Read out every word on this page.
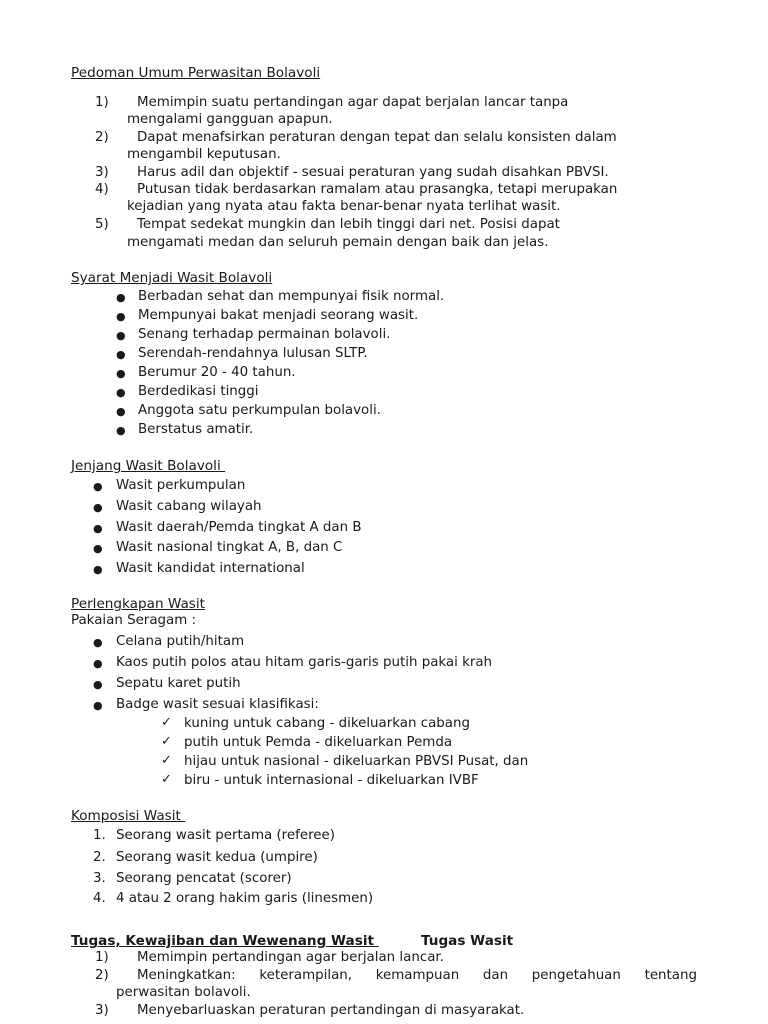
Pedoman Umum Perwasitan Bolavoli
1) Memimpin suatu pertandingan agar dapat berjalan lancar tanpa
mengalami gangguan apapun.
2) Dapat menafsirkan peraturan dengan tepat dan selalu konsisten dalam
mengambil keputusan.
3) Harus adil dan objektif - sesuai peraturan yang sudah disahkan PBVSI.
4) Putusan tidak berdasarkan ramalam atau prasangka, tetapi merupakan
kejadian yang nyata atau fakta benar-benar nyata terlihat wasit.
5) Tempat sedekat mungkin dan lebih tinggi dari net. Posisi dapat
mengamati medan dan seluruh pemain dengan baik dan jelas.
Syarat Menjadi Wasit Bolavoli
● Berbadan sehat dan mempunyai fisik normal.
● Mempunyai bakat menjadi seorang wasit.
● Senang terhadap permainan bolavoli.
● Serendah-rendahnya lulusan SLTP.
● Berumur 20 - 40 tahun.
● Berdedikasi tinggi
● Anggota satu perkumpulan bolavoli.
● Berstatus amatir.
Jenjang Wasit Bolavoli
● Wasit perkumpulan
● Wasit cabang wilayah
● Wasit daerah/Pemda tingkat A dan B
● Wasit nasional tingkat A, B, dan C
● Wasit kandidat international
Perlengkapan Wasit
Pakaian Seragam :
● Celana putih/hitam
● Kaos putih polos atau hitam garis-garis putih pakai krah
● Sepatu karet putih
● Badge wasit sesuai klasifikasi:
✓ kuning untuk cabang - dikeluarkan cabang
✓ putih untuk Pemda - dikeluarkan Pemda
✓ hijau untuk nasional - dikeluarkan PBVSI Pusat, dan
✓ biru - untuk internasional - dikeluarkan IVBF
Komposisi Wasit
1. Seorang wasit pertama (referee)
2. Seorang wasit kedua (umpire)
3. Seorang pencatat (scorer)
4. 4 atau 2 orang hakim garis (linesmen)
Tugas, Kewajiban dan Wewenang Wasit	Tugas Wasit
1) Memimpin pertandingan agar berjalan lancar.
2) Meningkatkan: keterampilan, kemampuan dan pengetahuan tentang
perwasitan bolavoli.
3) Menyebarluaskan peraturan pertandingan di masyarakat.
